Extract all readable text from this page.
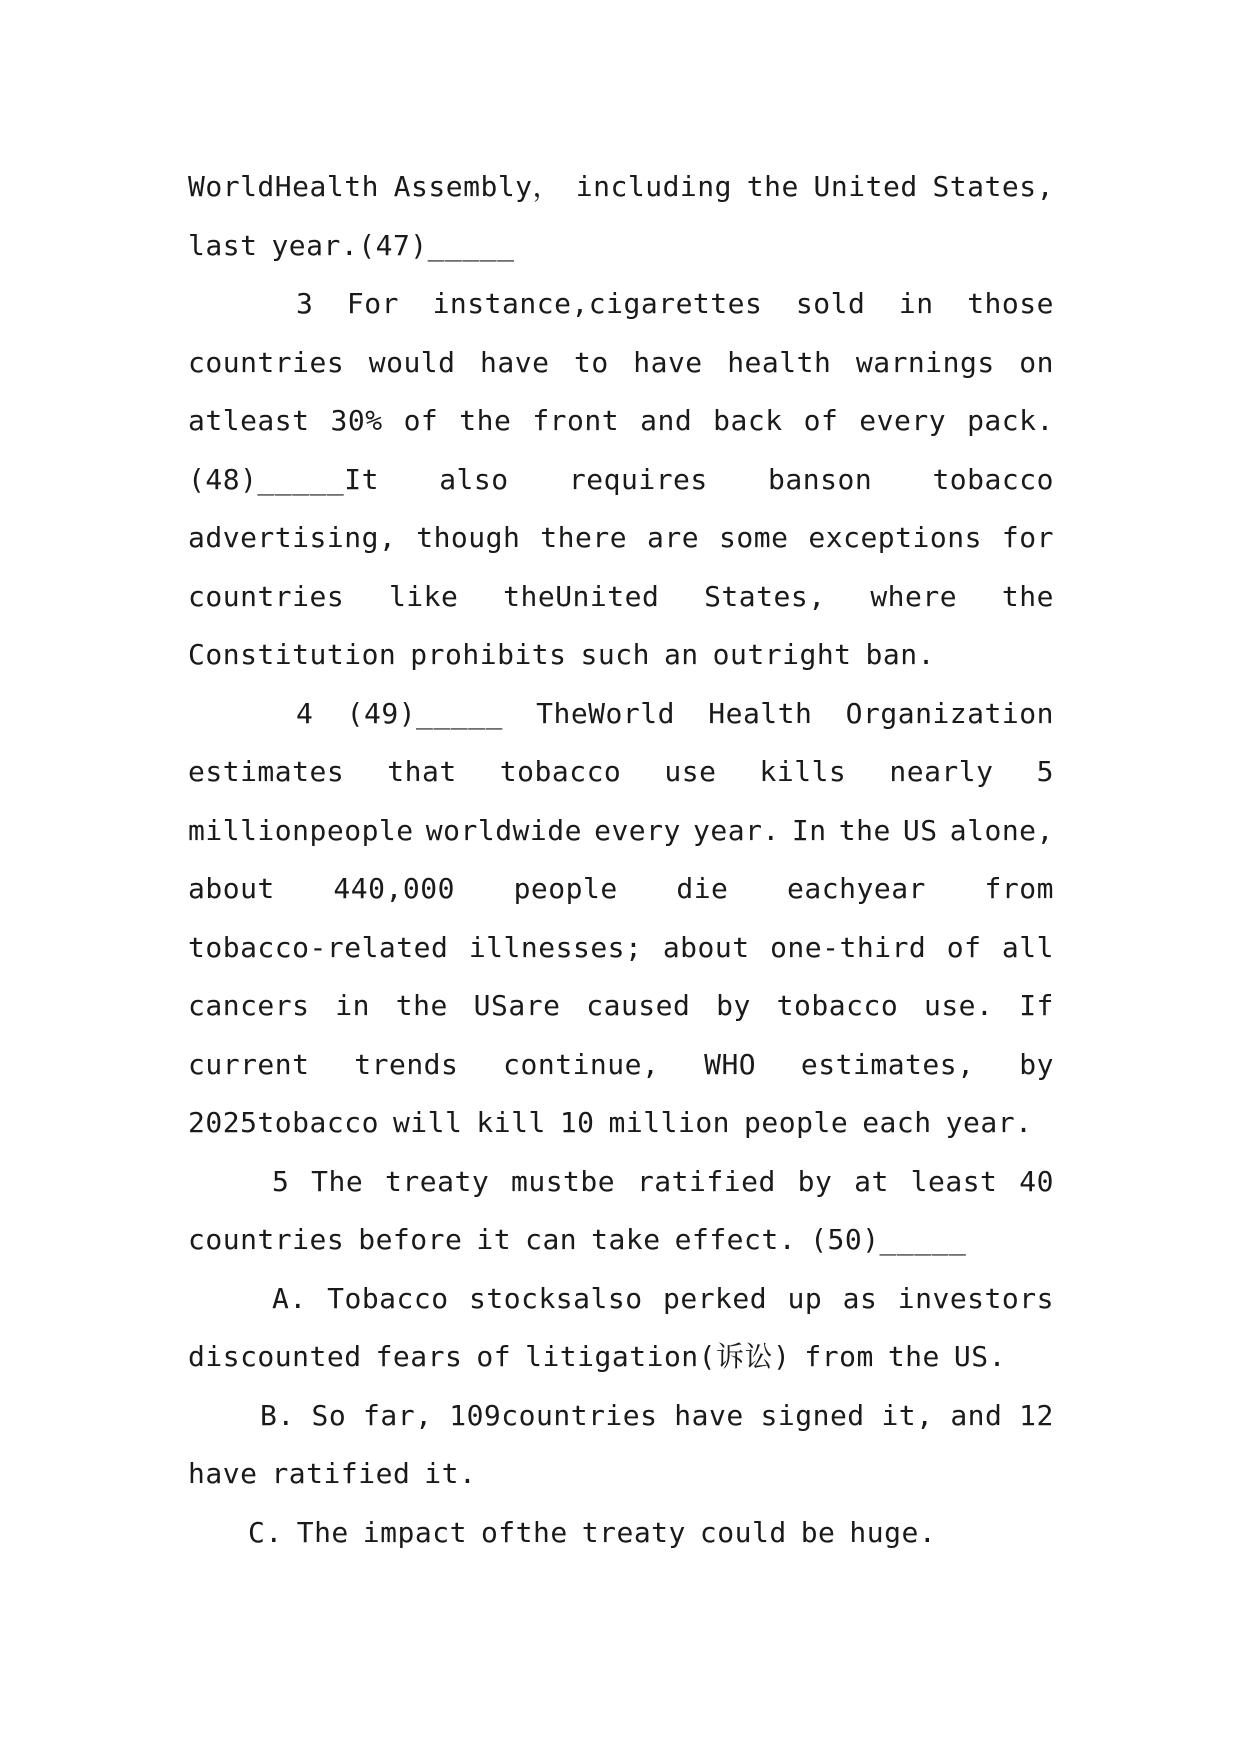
WorldHealth Assembly， including the United States,
last year.(47)_____
3 For instance,cigarettes sold in those
countries would have to have health warnings on
atleast 30% of the front and back of every pack.
(48)_____It also requires banson tobacco
advertising, though there are some exceptions for
countries like theUnited States, where the
Constitution prohibits such an outright ban.
4 (49)_____ TheWorld Health Organization
estimates that tobacco use kills nearly 5
millionpeople worldwide every year. In the US alone,
about 440,000 people die eachyear from
tobacco-related illnesses; about one-third of all
cancers in the USare caused by tobacco use. If
current trends continue, WHO estimates, by
2025tobacco will kill 10 million people each year.
5 The treaty mustbe ratified by at least 40
countries before it can take effect. (50)_____
A. Tobacco stocksalso perked up as investors
discounted fears of litigation(诉讼) from the US.
B. So far, 109countries have signed it, and 12
have ratified it.
C. The impact ofthe treaty could be huge.
